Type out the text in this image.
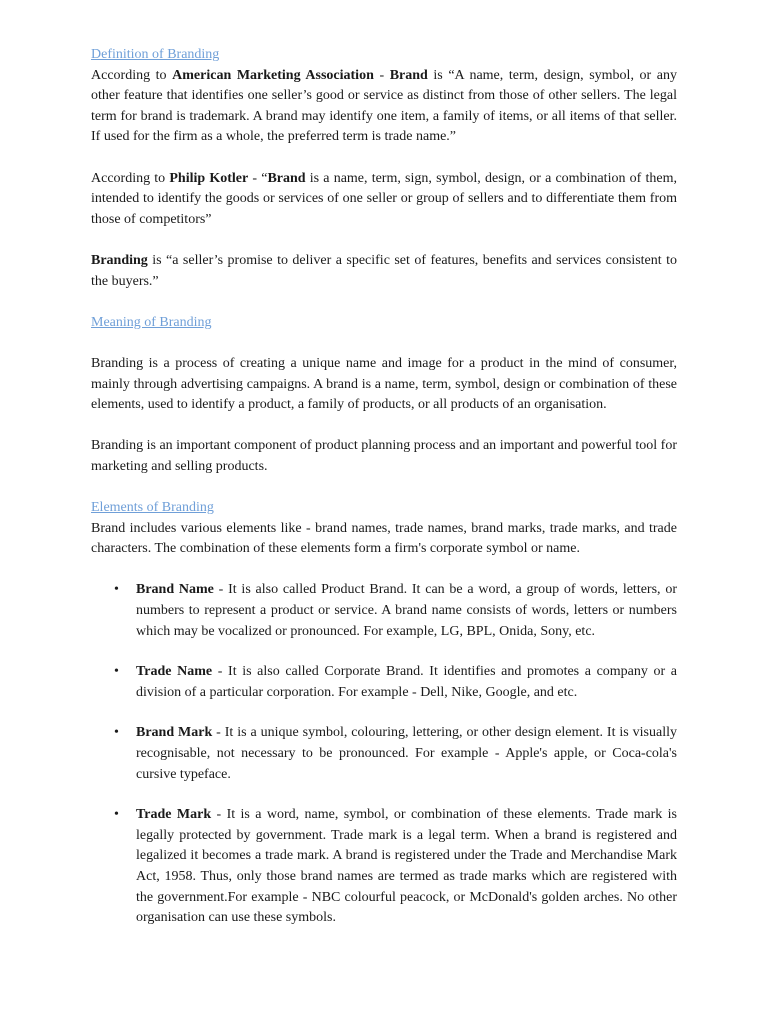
Definition of Branding

According to American Marketing Association - Brand is “A name, term, design, symbol, or any other feature that identifies one seller’s good or service as distinct from those of other sellers. The legal term for brand is trademark. A brand may identify one item, a family of items, or all items of that seller. If used for the firm as a whole, the preferred term is trade name.”

According to Philip Kotler - “Brand is a name, term, sign, symbol, design, or a combination of them, intended to identify the goods or services of one seller or group of sellers and to differentiate them from those of competitors”

Branding is “a seller’s promise to deliver a specific set of features, benefits and services consistent to the buyers.”

Meaning of Branding

Branding is a process of creating a unique name and image for a product in the mind of consumer, mainly through advertising campaigns. A brand is a name, term, symbol, design or combination of these elements, used to identify a product, a family of products, or all products of an organisation.

Branding is an important component of product planning process and an important and powerful tool for marketing and selling products.

Elements of Branding

Brand includes various elements like - brand names, trade names, brand marks, trade marks, and trade characters. The combination of these elements form a firm's corporate symbol or name.

• Brand Name - It is also called Product Brand. It can be a word, a group of words, letters, or numbers to represent a product or service. A brand name consists of words, letters or numbers which may be vocalized or pronounced. For example, LG, BPL, Onida, Sony, etc.
• Trade Name - It is also called Corporate Brand. It identifies and promotes a company or a division of a particular corporation. For example - Dell, Nike, Google, and etc.
• Brand Mark - It is a unique symbol, colouring, lettering, or other design element. It is visually recognisable, not necessary to be pronounced. For example - Apple's apple, or Coca-cola's cursive typeface.
• Trade Mark - It is a word, name, symbol, or combination of these elements. Trade mark is legally protected by government. Trade mark is a legal term. When a brand is registered and legalized it becomes a trade mark. A brand is registered under the Trade and Merchandise Mark Act, 1958. Thus, only those brand names are termed as trade marks which are registered with the government.For example - NBC colourful peacock, or McDonald's golden arches. No other organisation can use these symbols.
